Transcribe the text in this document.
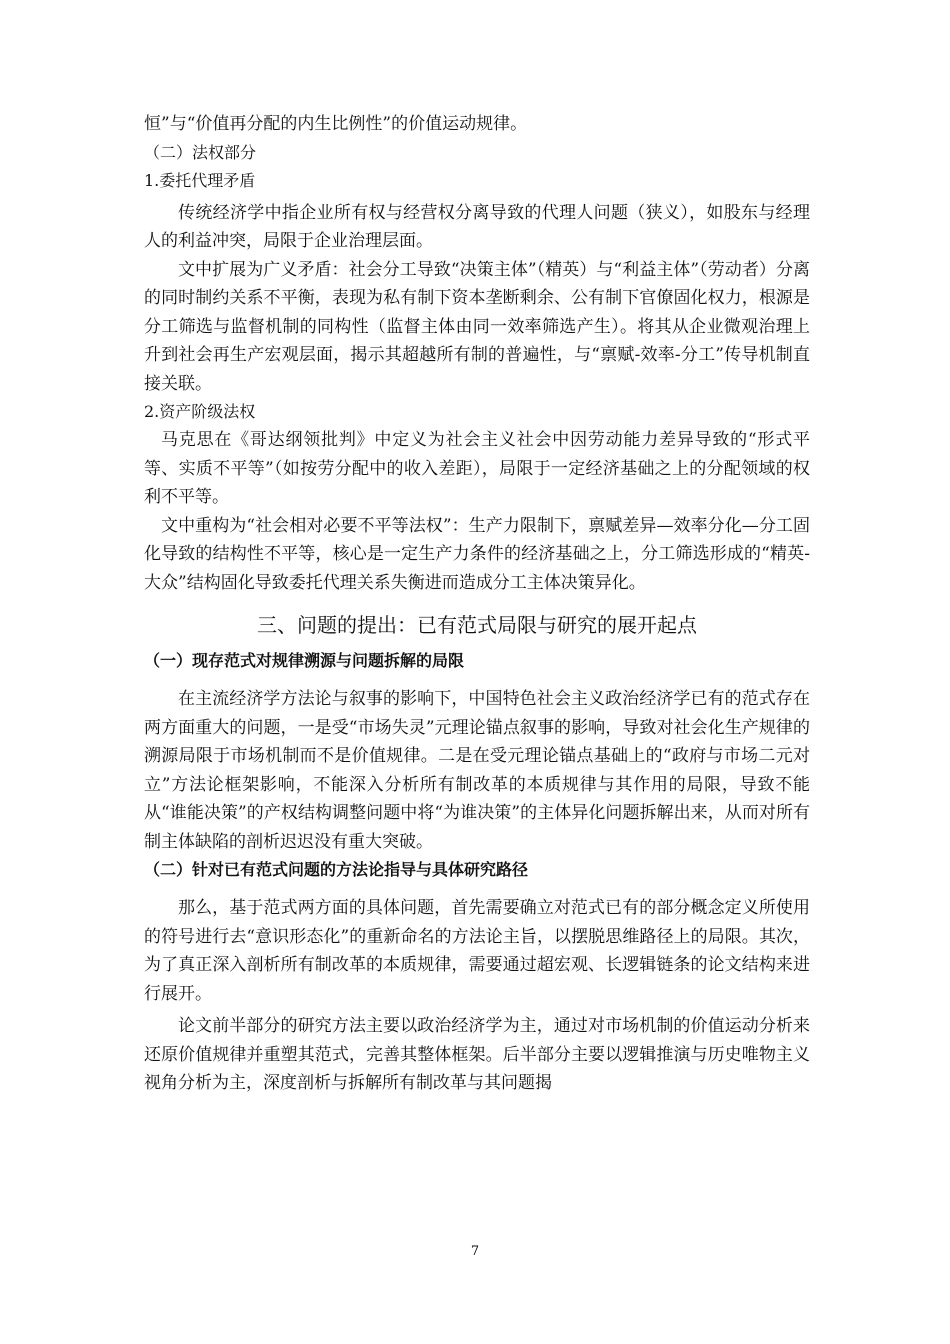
恒”与“价值再分配的内生比例性”的价值运动规律。

（二）法权部分

1.委托代理矛盾

传统经济学中指企业所有权与经营权分离导致的代理人问题（狭义），如股东与经理人的利益冲突，局限于企业治理层面。

文中扩展为广义矛盾：社会分工导致“决策主体”（精英）与“利益主体”（劳动者）分离的同时制约关系不平衡，表现为私有制下资本垄断剩余、公有制下官僚固化权力，根源是分工筛选与监督机制的同构性（监督主体由同一效率筛选产生）。将其从企业微观治理上升到社会再生产宏观层面，揭示其超越所有制的普遍性，与“禀赋-效率-分工”传导机制直接关联。

2.资产阶级法权

马克思在《哥达纲领批判》中定义为社会主义社会中因劳动能力差异导致的“形式平等、实质不平等”（如按劳分配中的收入差距），局限于一定经济基础之上的分配领域的权利不平等。

文中重构为“社会相对必要不平等法权”：生产力限制下，禀赋差异—效率分化—分工固化导致的结构性不平等，核心是一定生产力条件的经济基础之上，分工筛选形成的“精英-大众”结构固化导致委托代理关系失衡进而造成分工主体决策异化。

三、问题的提出：已有范式局限与研究的展开起点
（一）现存范式对规律溯源与问题拆解的局限

在主流经济学方法论与叙事的影响下，中国特色社会主义政治经济学已有的范式存在两方面重大的问题，一是受“市场失灵”元理论锚点叙事的影响，导致对社会化生产规律的溯源局限于市场机制而不是价值规律。二是在受元理论锚点基础上的“政府与市场二元对立”方法论框架影响，不能深入分析所有制改革的本质规律与其作用的局限，导致不能从“谁能决策”的产权结构调整问题中将“为谁决策”的主体异化问题拆解出来，从而对所有制主体缺陷的剖析迟迟没有重大突破。

（二）针对已有范式问题的方法论指导与具体研究路径

那么，基于范式两方面的具体问题，首先需要确立对范式已有的部分概念定义所使用的符号进行去“意识形态化”的重新命名的方法论主旨，以摆脱思维路径上的局限。其次，为了真正深入剖析所有制改革的本质规律，需要通过超宏观、长逻辑链条的论文结构来进行展开。

论文前半部分的研究方法主要以政治经济学为主，通过对市场机制的价值运动分析来还原价值规律并重塑其范式，完善其整体框架。后半部分主要以逻辑推演与历史唯物主义视角分析为主，深度剖析与拆解所有制改革与其问题揭

7
